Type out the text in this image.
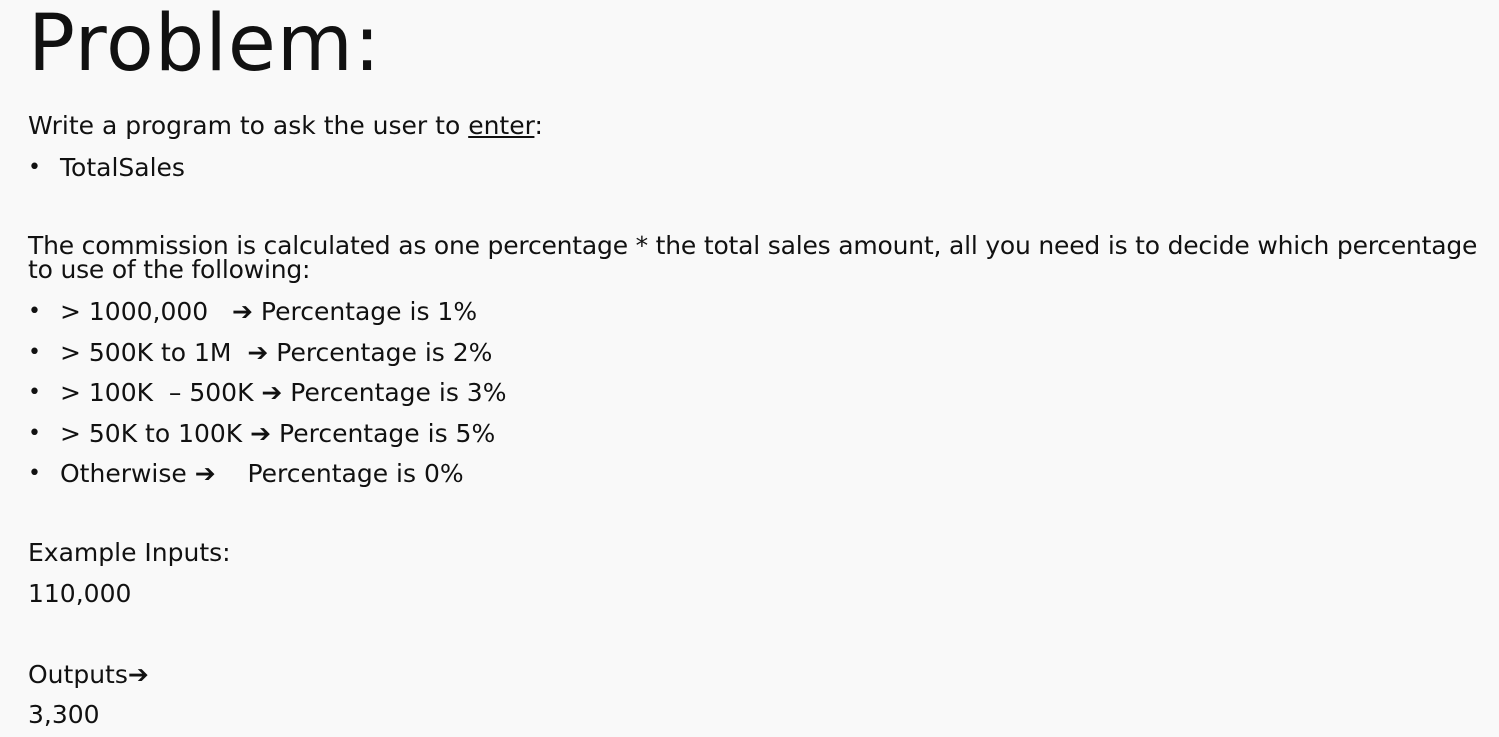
Problem:
Write a program to ask the user to enter:
• TotalSales
The commission is calculated as one percentage * the total sales amount, all you need is to decide which percentage
to use of the following:
• > 1000,000   ➔ Percentage is 1%
• > 500K to 1M  ➔ Percentage is 2%
• > 100K  – 500K ➔ Percentage is 3%
• > 50K to 100K ➔ Percentage is 5%
• Otherwise ➔    Percentage is 0%
Example Inputs:
110,000
Outputs➔
3,300
